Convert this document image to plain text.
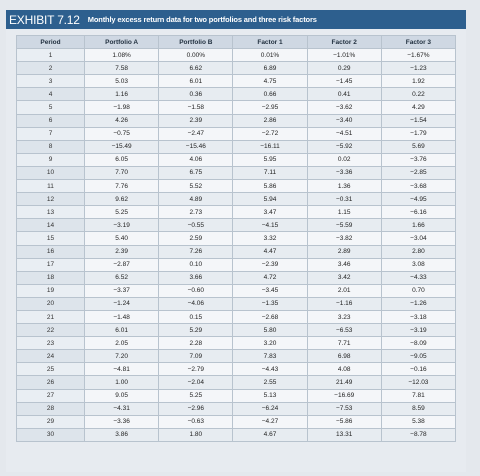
EXHIBIT 7.12 Monthly excess return data for two portfolios and three risk factors
Period	Portfolio A	Portfolio B	Factor 1	Factor 2	Factor 3
1	1.08%	0.00%	0.01%	−1.01%	−1.67%
2	7.58	6.62	6.89	0.29	−1.23
3	5.03	6.01	4.75	−1.45	1.92
4	1.16	0.36	0.66	0.41	0.22
5	−1.98	−1.58	−2.95	−3.62	4.29
6	4.26	2.39	2.86	−3.40	−1.54
7	−0.75	−2.47	−2.72	−4.51	−1.79
8	−15.49	−15.46	−16.11	−5.92	5.69
9	6.05	4.06	5.95	0.02	−3.76
10	7.70	6.75	7.11	−3.36	−2.85
11	7.76	5.52	5.86	1.36	−3.68
12	9.62	4.89	5.94	−0.31	−4.95
13	5.25	2.73	3.47	1.15	−6.16
14	−3.19	−0.55	−4.15	−5.59	1.66
15	5.40	2.59	3.32	−3.82	−3.04
16	2.39	7.26	4.47	2.89	2.80
17	−2.87	0.10	−2.39	3.46	3.08
18	6.52	3.66	4.72	3.42	−4.33
19	−3.37	−0.60	−3.45	2.01	0.70
20	−1.24	−4.06	−1.35	−1.16	−1.26
21	−1.48	0.15	−2.68	3.23	−3.18
22	6.01	5.29	5.80	−6.53	−3.19
23	2.05	2.28	3.20	7.71	−8.09
24	7.20	7.09	7.83	6.98	−9.05
25	−4.81	−2.79	−4.43	4.08	−0.16
26	1.00	−2.04	2.55	21.49	−12.03
27	9.05	5.25	5.13	−16.69	7.81
28	−4.31	−2.96	−6.24	−7.53	8.59
29	−3.36	−0.63	−4.27	−5.86	5.38
30	3.86	1.80	4.67	13.31	−8.78
